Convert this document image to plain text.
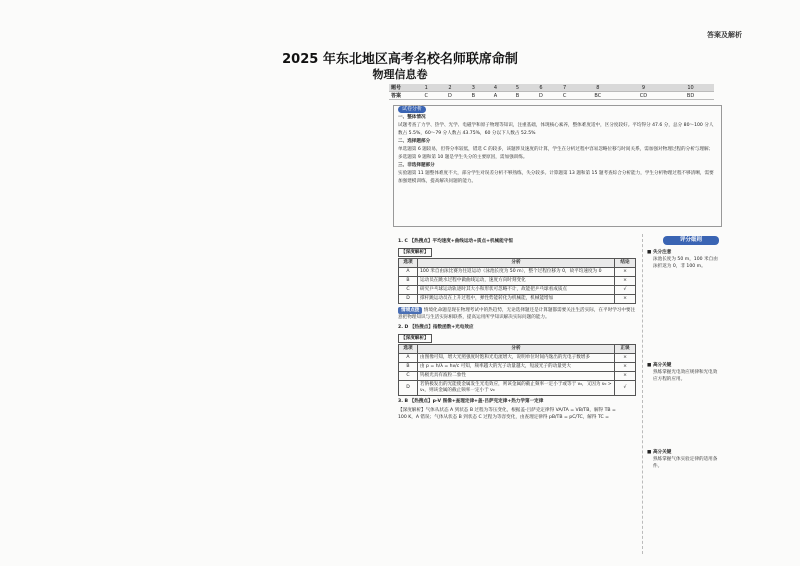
答案及解析
2025 年东北地区高考名校名师联席命制
物理信息卷
题号	1	2	3	4	5	6	7	8	9	10
答案	C	D	B	A	B	D	C	BC	CD	BD

试卷分析

一、整体情况

试题考查了力学、热学、光学、电磁学和原子物理等知识，注重基础，体现核心素养，整体难度适中，区分度较好。平均得分 47.6 分，总分 80～100 分人数占 5.5%，60～79 分人数占 43.75%，60 分以下人数占 52.5%

二、选择题部分

单选题第 6 题较易，但得分率较低，错选 C 的较多，该题涉及速度的计算，学生在分析过程中容易忽略位移与时间关系，需加强对物理过程的分析与理解；多选题第 9 题和第 10 题是学生失分的主要原因，需加强训练。

三、非选择题部分

实验题第 11 题整体难度不大，部分学生对误差分析不够熟练，失分较多。计算题第 13 题和第 15 题考查综合分析能力，学生分析物理过程不够清晰，需要加强建模训练，提高解决问题的能力。

1. C 【热搜点】平均速度+曲线运动+质点+机械能守恒
【深度解析】
选项	分析	结论
A	100 米自由泳比赛为往返运动（泳池长度为 50 m），整个过程位移为 0，故平均速度为 0	×
B	运动员在跳水过程中做曲线运动，速度方向时刻变化	×
C	研究乒乓球运动轨迹时其大小和形状可忽略不计，故能把乒乓球看成质点	√
D	撑杆跳运动员在上升过程中，弹性势能转化为机械能，机械能增加	×
情境点拨 情境化命题是现在物理考试中的热趋势，无论选择题还是计算题都需要关注生活实际，在平时学习中要注意把物理知识与生活实际相联系，提高运用所学知识解决实际问题的能力。
2. D 【热搜点】指数函数+光电效应
【深度解析】
选项	分析	正误
A	由图像可知，增大光照强度时饱和光电流增大，说明单位时间内逸出的光电子数增多	×
B	由 p = h/λ = hν/c 可知，频率越大的光子动量越大，短波光子的动量更大	×
C	钨极光具有波粒二象性	×
D	若钠极发出的光能使金属发生光电效应，则该金属的截止频率一定小于或等于 ν₀，又因为 ν₀ > ν₁，则该金属的截止频率一定小于 ν₀	√
3. B 【热搜点】p-V 图像+查理定律+盖-吕萨克定律+热力学第一定律
【深度解析】气体从状态 A 到状态 B 过程为等压变化，根据盖-吕萨克定律得 VA/TA = VB/TB，解得 TB =
100 K，A 错误；气体从状态 B 到状态 C 过程为等容变化，由查理定律得 pB/TB = pC/TC，解得 TC =
评分细则
■ 失分注意
泳池长度为 50 m，100 米自由泳折返为 0，非 100 m。
■ 高分关键
熟练掌握光电效应规律和光电效应方程的应用。
■ 高分关键
熟练掌握气体实验定律的适用条件。
